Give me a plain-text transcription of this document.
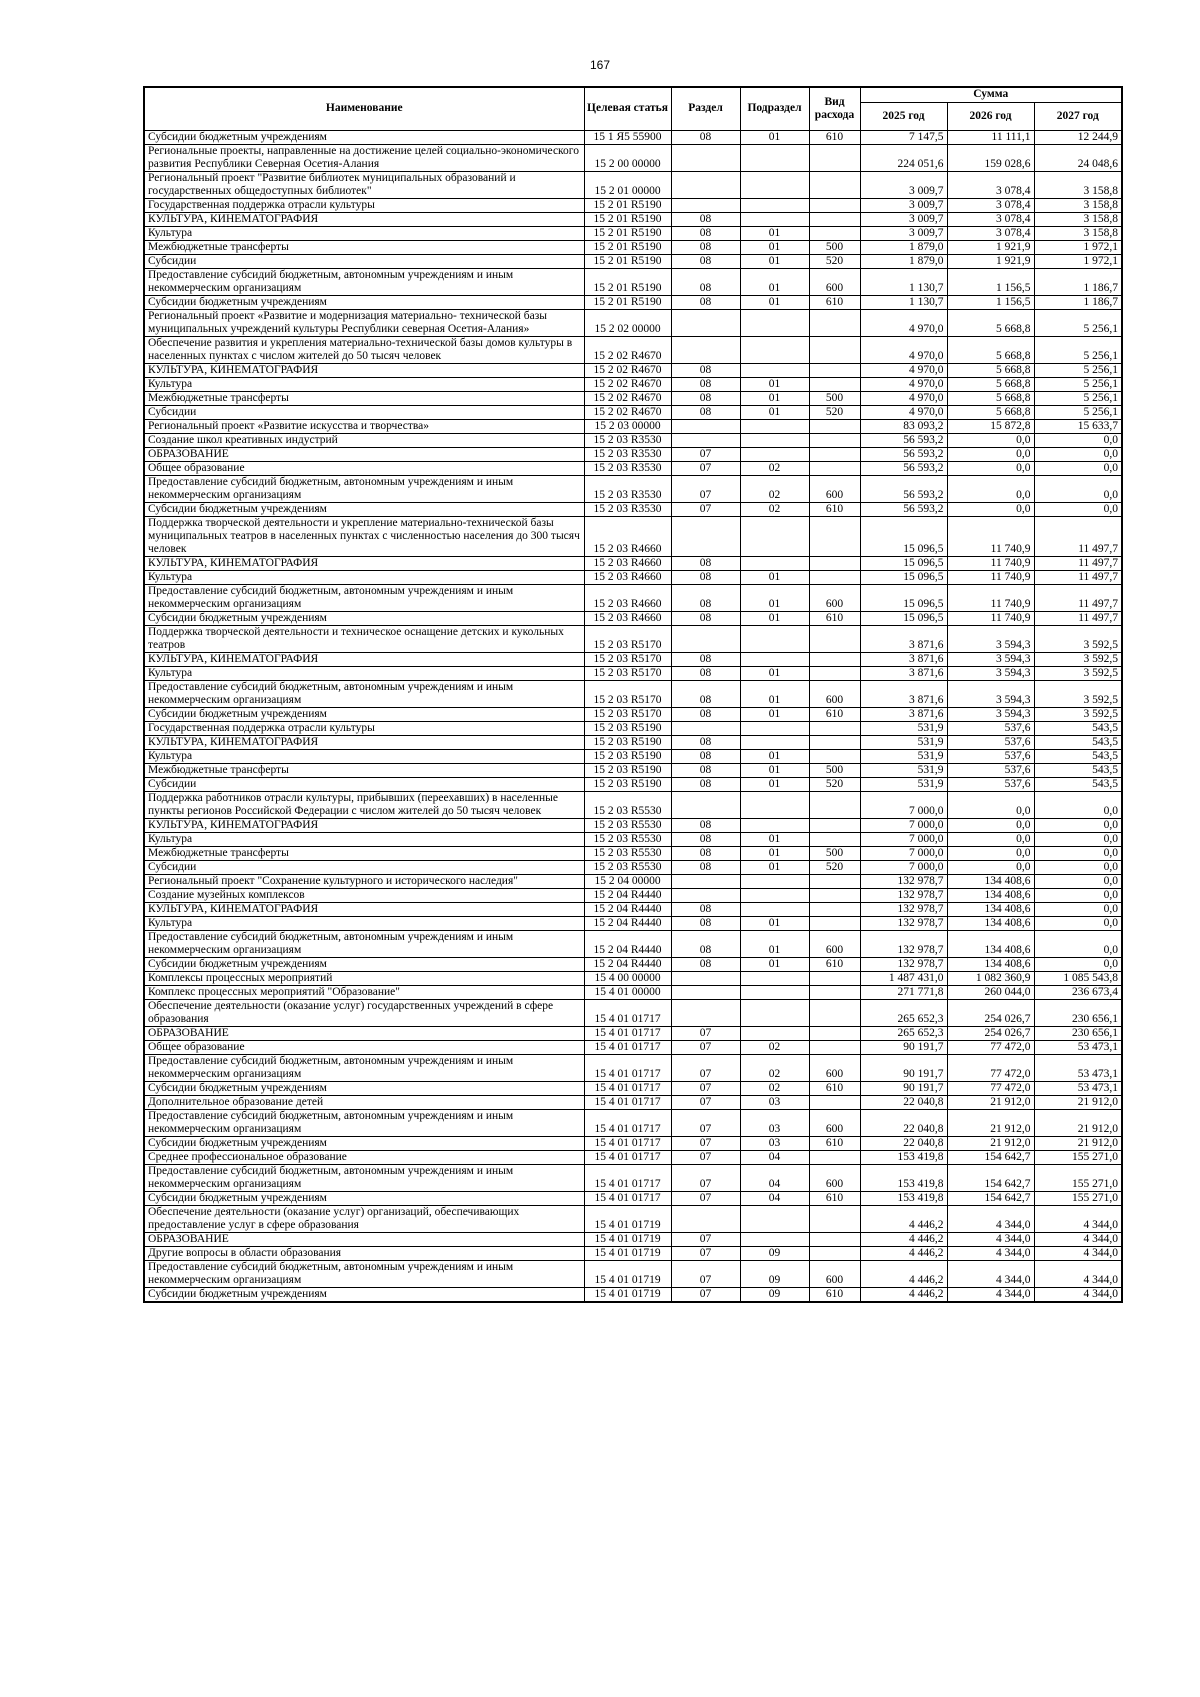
167
Наименование	Целевая статья	Раздел	Подраздел	Вид расхода	Сумма		
					2025 год	2026 год	2027 год
Субсидии бюджетным учреждениям	15 1 Я5 55900	08	01	610	7 147,5	11 111,1	12 244,9
Региональные проекты, направленные на достижение целей социально-экономического развития Республики Северная Осетия-Алания	15 2 00 00000				224 051,6	159 028,6	24 048,6
Региональный проект "Развитие библиотек муниципальных образований и государственных общедоступных библиотек"	15 2 01 00000				3 009,7	3 078,4	3 158,8
Государственная поддержка отрасли культуры	15 2 01 R5190				3 009,7	3 078,4	3 158,8
КУЛЬТУРА, КИНЕМАТОГРАФИЯ	15 2 01 R5190	08			3 009,7	3 078,4	3 158,8
Культура	15 2 01 R5190	08	01		3 009,7	3 078,4	3 158,8
Межбюджетные трансферты	15 2 01 R5190	08	01	500	1 879,0	1 921,9	1 972,1
Субсидии	15 2 01 R5190	08	01	520	1 879,0	1 921,9	1 972,1
Предоставление субсидий бюджетным, автономным учреждениям и иным некоммерческим организациям	15 2 01 R5190	08	01	600	1 130,7	1 156,5	1 186,7
Субсидии бюджетным учреждениям	15 2 01 R5190	08	01	610	1 130,7	1 156,5	1 186,7
Региональный проект «Развитие и модернизация материально- технической базы муниципальных учреждений культуры Республики северная Осетия-Алания»	15 2 02 00000				4 970,0	5 668,8	5 256,1
Обеспечение развития и укрепления материально-технической базы домов культуры в населенных пунктах с числом жителей до 50 тысяч человек	15 2 02 R4670				4 970,0	5 668,8	5 256,1
КУЛЬТУРА, КИНЕМАТОГРАФИЯ	15 2 02 R4670	08			4 970,0	5 668,8	5 256,1
Культура	15 2 02 R4670	08	01		4 970,0	5 668,8	5 256,1
Межбюджетные трансферты	15 2 02 R4670	08	01	500	4 970,0	5 668,8	5 256,1
Субсидии	15 2 02 R4670	08	01	520	4 970,0	5 668,8	5 256,1
Региональный проект «Развитие искусства и творчества»	15 2 03 00000				83 093,2	15 872,8	15 633,7
Создание школ креативных индустрий	15 2 03 R3530				56 593,2	0,0	0,0
ОБРАЗОВАНИЕ	15 2 03 R3530	07			56 593,2	0,0	0,0
Общее образование	15 2 03 R3530	07	02		56 593,2	0,0	0,0
Предоставление субсидий бюджетным, автономным учреждениям и иным некоммерческим организациям	15 2 03 R3530	07	02	600	56 593,2	0,0	0,0
Субсидии бюджетным учреждениям	15 2 03 R3530	07	02	610	56 593,2	0,0	0,0
Поддержка творческой деятельности и укрепление материально-технической базы муниципальных театров в населенных пунктах с численностью населения до 300 тысяч человек	15 2 03 R4660				15 096,5	11 740,9	11 497,7
КУЛЬТУРА, КИНЕМАТОГРАФИЯ	15 2 03 R4660	08			15 096,5	11 740,9	11 497,7
Культура	15 2 03 R4660	08	01		15 096,5	11 740,9	11 497,7
Предоставление субсидий бюджетным, автономным учреждениям и иным некоммерческим организациям	15 2 03 R4660	08	01	600	15 096,5	11 740,9	11 497,7
Субсидии бюджетным учреждениям	15 2 03 R4660	08	01	610	15 096,5	11 740,9	11 497,7
Поддержка творческой деятельности и техническое оснащение детских и кукольных театров	15 2 03 R5170				3 871,6	3 594,3	3 592,5
КУЛЬТУРА, КИНЕМАТОГРАФИЯ	15 2 03 R5170	08			3 871,6	3 594,3	3 592,5
Культура	15 2 03 R5170	08	01		3 871,6	3 594,3	3 592,5
Предоставление субсидий бюджетным, автономным учреждениям и иным некоммерческим организациям	15 2 03 R5170	08	01	600	3 871,6	3 594,3	3 592,5
Субсидии бюджетным учреждениям	15 2 03 R5170	08	01	610	3 871,6	3 594,3	3 592,5
Государственная поддержка отрасли культуры	15 2 03 R5190				531,9	537,6	543,5
КУЛЬТУРА, КИНЕМАТОГРАФИЯ	15 2 03 R5190	08			531,9	537,6	543,5
Культура	15 2 03 R5190	08	01		531,9	537,6	543,5
Межбюджетные трансферты	15 2 03 R5190	08	01	500	531,9	537,6	543,5
Субсидии	15 2 03 R5190	08	01	520	531,9	537,6	543,5
Поддержка работников отрасли культуры, прибывших (переехавших) в населенные пункты регионов Российской Федерации с числом жителей до 50 тысяч человек	15 2 03 R5530				7 000,0	0,0	0,0
КУЛЬТУРА, КИНЕМАТОГРАФИЯ	15 2 03 R5530	08			7 000,0	0,0	0,0
Культура	15 2 03 R5530	08	01		7 000,0	0,0	0,0
Межбюджетные трансферты	15 2 03 R5530	08	01	500	7 000,0	0,0	0,0
Субсидии	15 2 03 R5530	08	01	520	7 000,0	0,0	0,0
Региональный проект "Сохранение культурного и исторического наследия"	15 2 04 00000				132 978,7	134 408,6	0,0
Создание музейных комплексов	15 2 04 R4440				132 978,7	134 408,6	0,0
КУЛЬТУРА, КИНЕМАТОГРАФИЯ	15 2 04 R4440	08			132 978,7	134 408,6	0,0
Культура	15 2 04 R4440	08	01		132 978,7	134 408,6	0,0
Предоставление субсидий бюджетным, автономным учреждениям и иным некоммерческим организациям	15 2 04 R4440	08	01	600	132 978,7	134 408,6	0,0
Субсидии бюджетным учреждениям	15 2 04 R4440	08	01	610	132 978,7	134 408,6	0,0
Комплексы процессных мероприятий	15 4 00 00000				1 487 431,0	1 082 360,9	1 085 543,8
Комплекс процессных мероприятий "Образование"	15 4 01 00000				271 771,8	260 044,0	236 673,4
Обеспечение деятельности (оказание услуг) государственных учреждений в сфере образования	15 4 01 01717				265 652,3	254 026,7	230 656,1
ОБРАЗОВАНИЕ	15 4 01 01717	07			265 652,3	254 026,7	230 656,1
Общее образование	15 4 01 01717	07	02		90 191,7	77 472,0	53 473,1
Предоставление субсидий бюджетным, автономным учреждениям и иным некоммерческим организациям	15 4 01 01717	07	02	600	90 191,7	77 472,0	53 473,1
Субсидии бюджетным учреждениям	15 4 01 01717	07	02	610	90 191,7	77 472,0	53 473,1
Дополнительное образование детей	15 4 01 01717	07	03		22 040,8	21 912,0	21 912,0
Предоставление субсидий бюджетным, автономным учреждениям и иным некоммерческим организациям	15 4 01 01717	07	03	600	22 040,8	21 912,0	21 912,0
Субсидии бюджетным учреждениям	15 4 01 01717	07	03	610	22 040,8	21 912,0	21 912,0
Среднее профессиональное образование	15 4 01 01717	07	04		153 419,8	154 642,7	155 271,0
Предоставление субсидий бюджетным, автономным учреждениям и иным некоммерческим организациям	15 4 01 01717	07	04	600	153 419,8	154 642,7	155 271,0
Субсидии бюджетным учреждениям	15 4 01 01717	07	04	610	153 419,8	154 642,7	155 271,0
Обеспечение деятельности (оказание услуг) организаций, обеспечивающих предоставление услуг в сфере образования	15 4 01 01719				4 446,2	4 344,0	4 344,0
ОБРАЗОВАНИЕ	15 4 01 01719	07			4 446,2	4 344,0	4 344,0
Другие вопросы в области образования	15 4 01 01719	07	09		4 446,2	4 344,0	4 344,0
Предоставление субсидий бюджетным, автономным учреждениям и иным некоммерческим организациям	15 4 01 01719	07	09	600	4 446,2	4 344,0	4 344,0
Субсидии бюджетным учреждениям	15 4 01 01719	07	09	610	4 446,2	4 344,0	4 344,0
